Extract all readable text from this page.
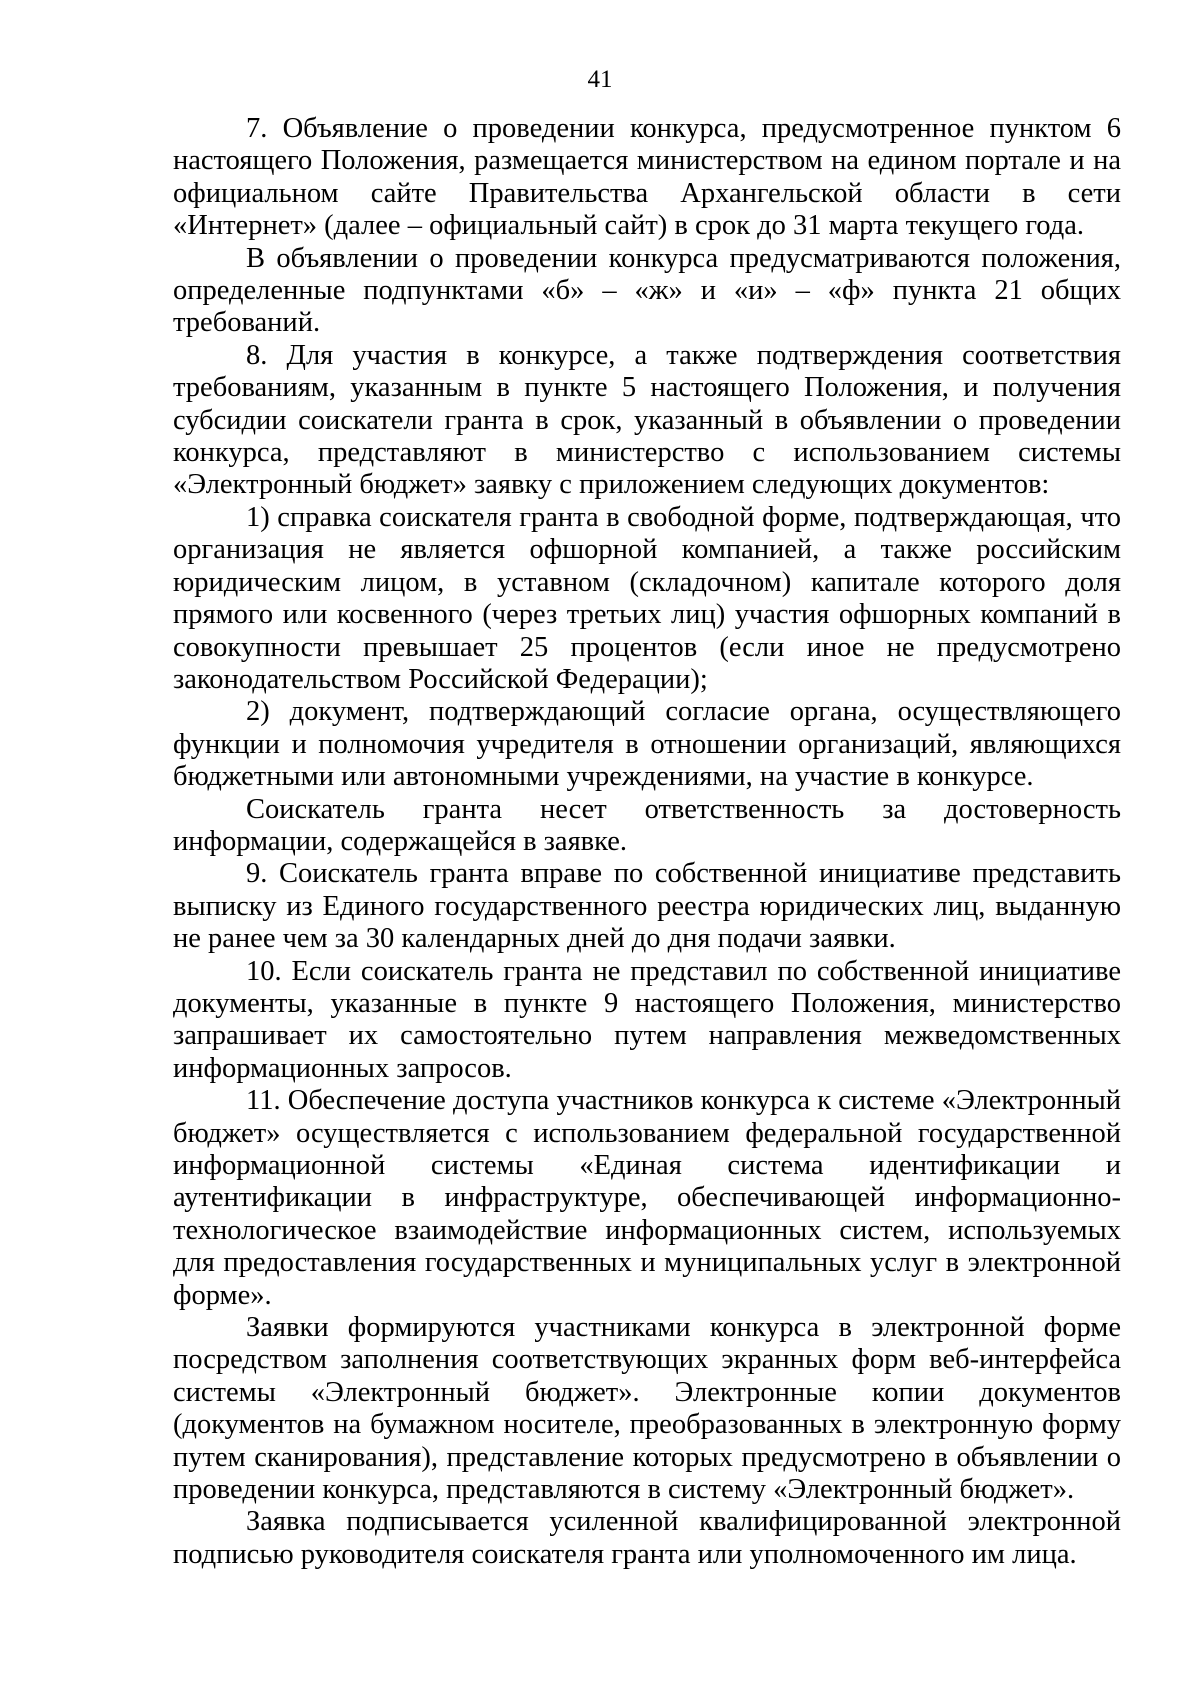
41

7. Объявление о проведении конкурса, предусмотренное пунктом 6 настоящего Положения, размещается министерством на едином портале и на официальном сайте Правительства Архангельской области в сети «Интернет» (далее – официальный сайт) в срок до 31 марта текущего года.

В объявлении о проведении конкурса предусматриваются положения, определенные подпунктами «б» – «ж» и «и» – «ф» пункта 21 общих требований.

8. Для участия в конкурсе, а также подтверждения соответствия требованиям, указанным в пункте 5 настоящего Положения, и получения субсидии соискатели гранта в срок, указанный в объявлении о проведении конкурса, представляют в министерство с использованием системы «Электронный бюджет» заявку с приложением следующих документов:

1) справка соискателя гранта в свободной форме, подтверждающая, что организация не является офшорной компанией, а также российским юридическим лицом, в уставном (складочном) капитале которого доля прямого или косвенного (через третьих лиц) участия офшорных компаний в совокупности превышает 25 процентов (если иное не предусмотрено законодательством Российской Федерации);

2) документ, подтверждающий согласие органа, осуществляющего функции и полномочия учредителя в отношении организаций, являющихся бюджетными или автономными учреждениями, на участие в конкурсе.

Соискатель гранта несет ответственность за достоверность информации, содержащейся в заявке.

9. Соискатель гранта вправе по собственной инициативе представить выписку из Единого государственного реестра юридических лиц, выданную не ранее чем за 30 календарных дней до дня подачи заявки.

10. Если соискатель гранта не представил по собственной инициативе документы, указанные в пункте 9 настоящего Положения, министерство запрашивает их самостоятельно путем направления межведомственных информационных запросов.

11. Обеспечение доступа участников конкурса к системе «Электронный бюджет» осуществляется с использованием федеральной государственной информационной системы «Единая система идентификации и аутентификации в инфраструктуре, обеспечивающей информационно-технологическое взаимодействие информационных систем, используемых для предоставления государственных и муниципальных услуг в электронной форме».

Заявки формируются участниками конкурса в электронной форме посредством заполнения соответствующих экранных форм веб-интерфейса системы «Электронный бюджет». Электронные копии документов (документов на бумажном носителе, преобразованных в электронную форму путем сканирования), представление которых предусмотрено в объявлении о проведении конкурса, представляются в систему «Электронный бюджет».

Заявка подписывается усиленной квалифицированной электронной подписью руководителя соискателя гранта или уполномоченного им лица.
